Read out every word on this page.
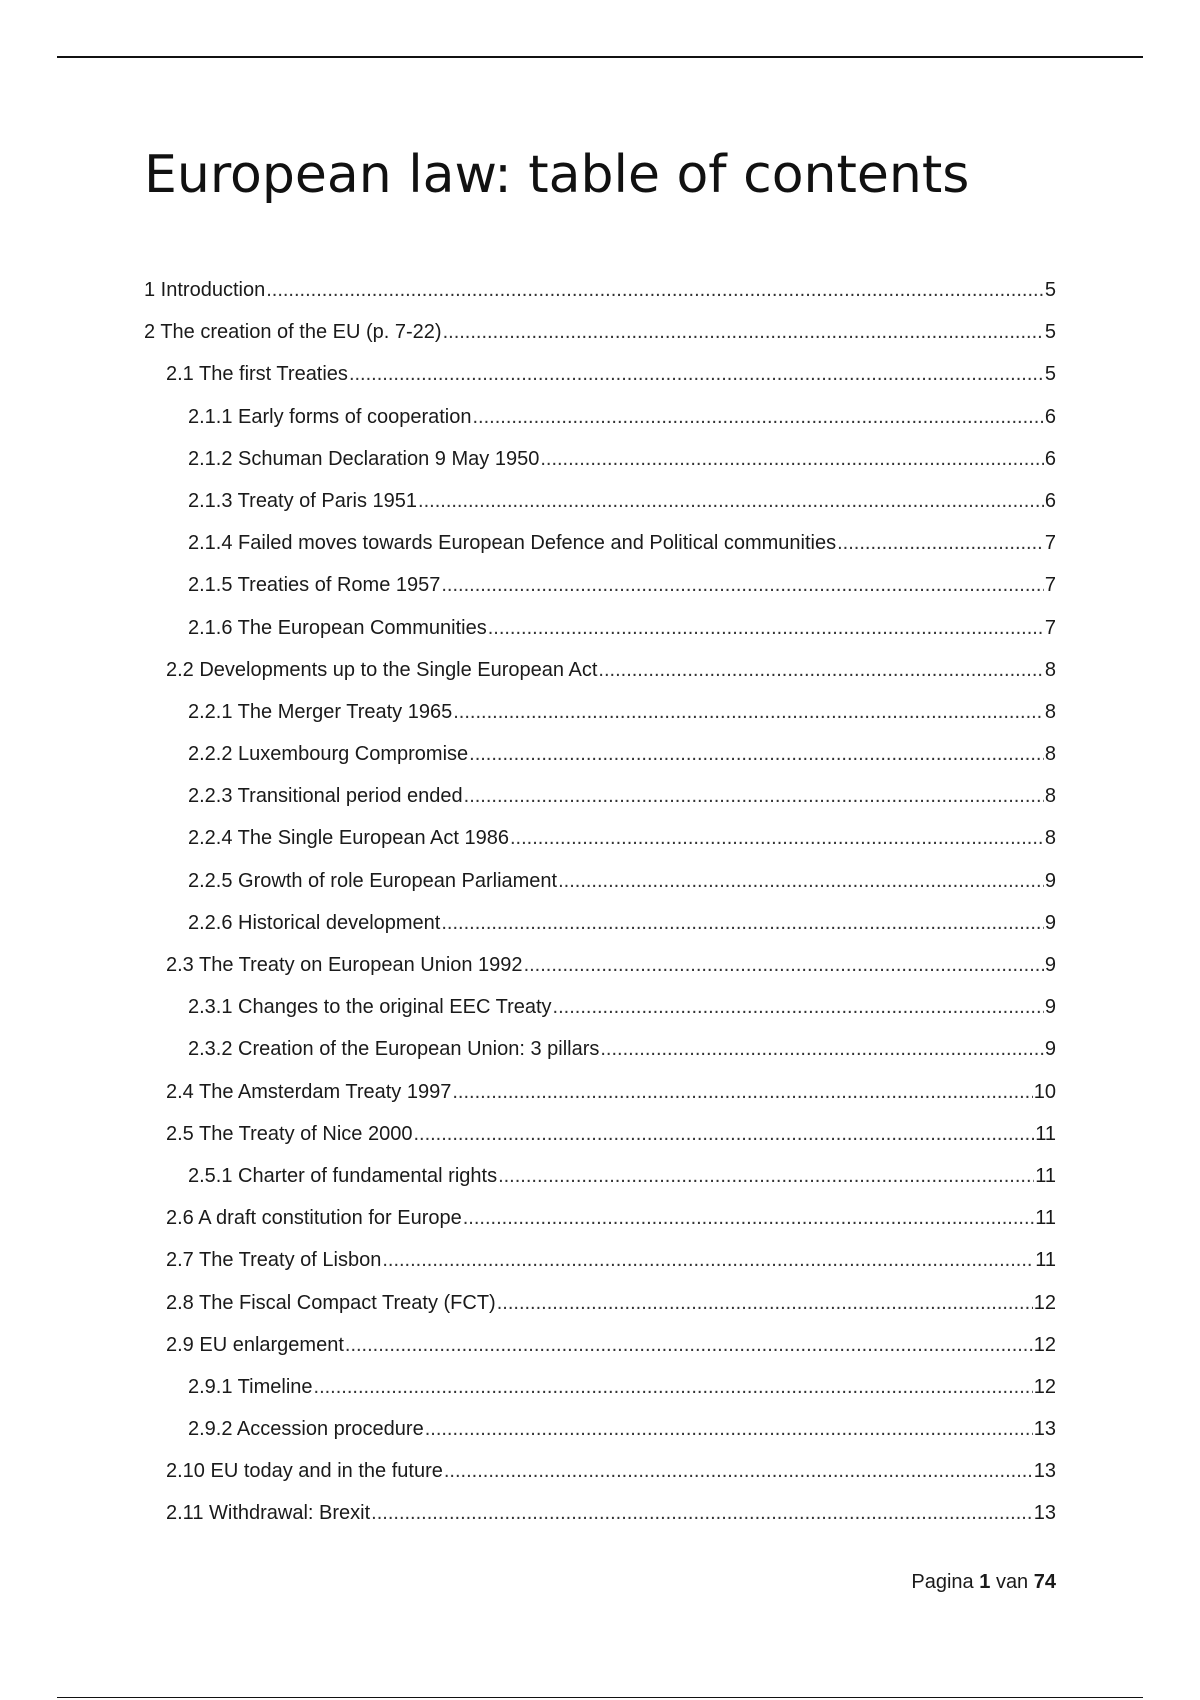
European law: table of contents
1 Introduction .....	5
2 The creation of the EU (p. 7-22) .....	5
2.1 The first Treaties .....	5
2.1.1 Early forms of cooperation .....	6
2.1.2 Schuman Declaration 9 May 1950 .....	6
2.1.3 Treaty of Paris 1951 .....	6
2.1.4 Failed moves towards European Defence and Political communities .....	7
2.1.5 Treaties of Rome 1957 .....	7
2.1.6 The European Communities .....	7
2.2 Developments up to the Single European Act .....	8
2.2.1 The Merger Treaty 1965 .....	8
2.2.2 Luxembourg Compromise .....	8
2.2.3 Transitional period ended .....	8
2.2.4 The Single European Act 1986 .....	8
2.2.5 Growth of role European Parliament .....	9
2.2.6 Historical development .....	9
2.3 The Treaty on European Union 1992 .....	9
2.3.1 Changes to the original EEC Treaty .....	9
2.3.2 Creation of the European Union: 3 pillars .....	9
2.4 The Amsterdam Treaty 1997 .....	10
2.5 The Treaty of Nice 2000 .....	11
2.5.1 Charter of fundamental rights .....	11
2.6 A draft constitution for Europe .....	11
2.7 The Treaty of Lisbon .....	11
2.8 The Fiscal Compact Treaty (FCT) .....	12
2.9 EU enlargement .....	12
2.9.1 Timeline .....	12
2.9.2 Accession procedure .....	13
2.10 EU today and in the future .....	13
2.11 Withdrawal: Brexit .....	13
Pagina 1 van 74
